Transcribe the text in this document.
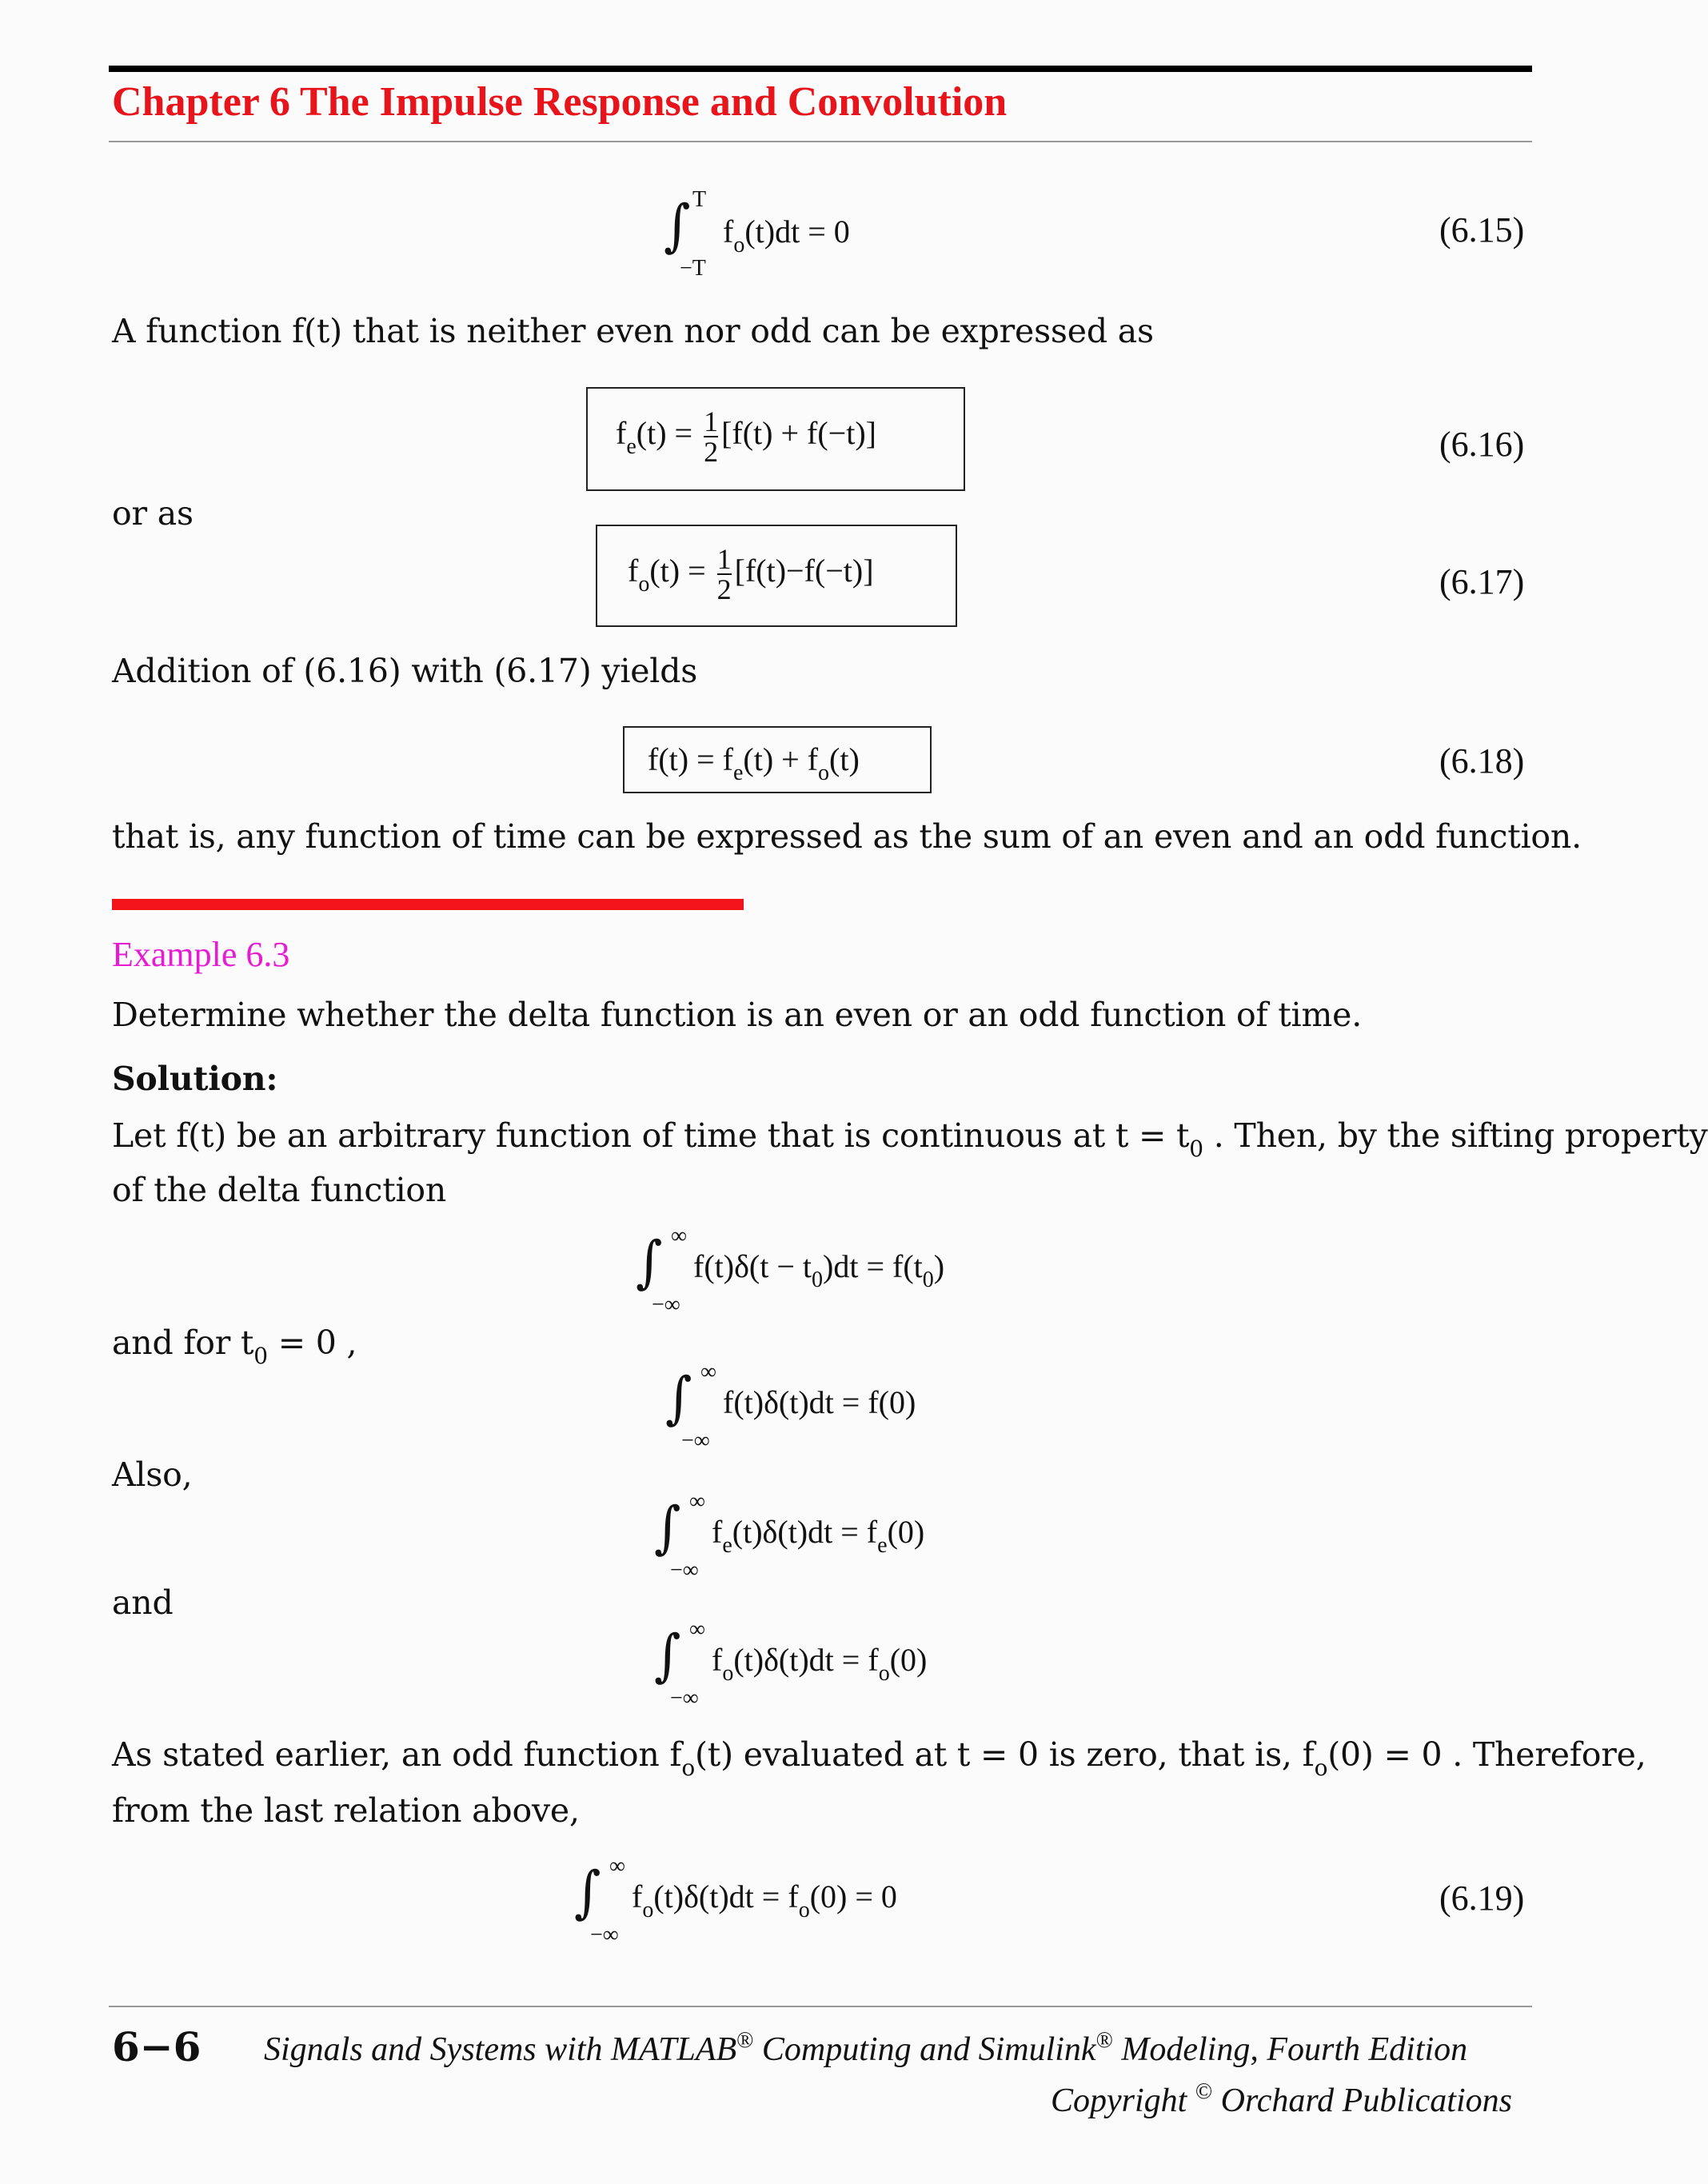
Chapter 6 The Impulse Response and Convolution
T
∫
−T
$f_o(t)dt = 0$	(6.15)
A function f(t) that is neither even nor odd can be expressed as
$f_e(t) = \frac{1}{2} [f(t) + f(-t)]$	(6.16)
or as
$f_o(t) = \frac{1}{2} [f(t)-f(-t)]$	(6.17)
Addition of (6.16) with (6.17) yields
$f(t) = f_e(t) + f_o(t)$	(6.18)
that is, any function of time can be expressed as the sum of an even and an odd function.
Example 6.3
Determine whether the delta function is an even or an odd function of time.
Solution:
Let f(t) be an arbitrary function of time that is continuous at $t = t_0$ . Then, by the sifting property
of the delta function
∞
∫
−∞
$f(t)\delta(t - t_0)dt = f(t_0)$
and for $t_0 = 0$ ,
∞
∫
−∞
f(t)δ(t)dt = f(0)
Also,
∞
∫
−∞
$f_e(t)\delta(t)dt = f_e(0)$
and
∞
∫
−∞
$f_o(t)\delta(t)dt = f_o(0)$
As stated earlier, an odd function $f_o(t)$ evaluated at t = 0 is zero, that is, $f_o(0) = 0$ . Therefore,
from the last relation above,
∞
∫
−∞
$f_o(t)\delta(t)dt = f_o(0) = 0$	(6.19)
6−6 Signals and Systems with MATLAB® Computing and Simulink® Modeling, Fourth Edition
Copyright © Orchard Publications
